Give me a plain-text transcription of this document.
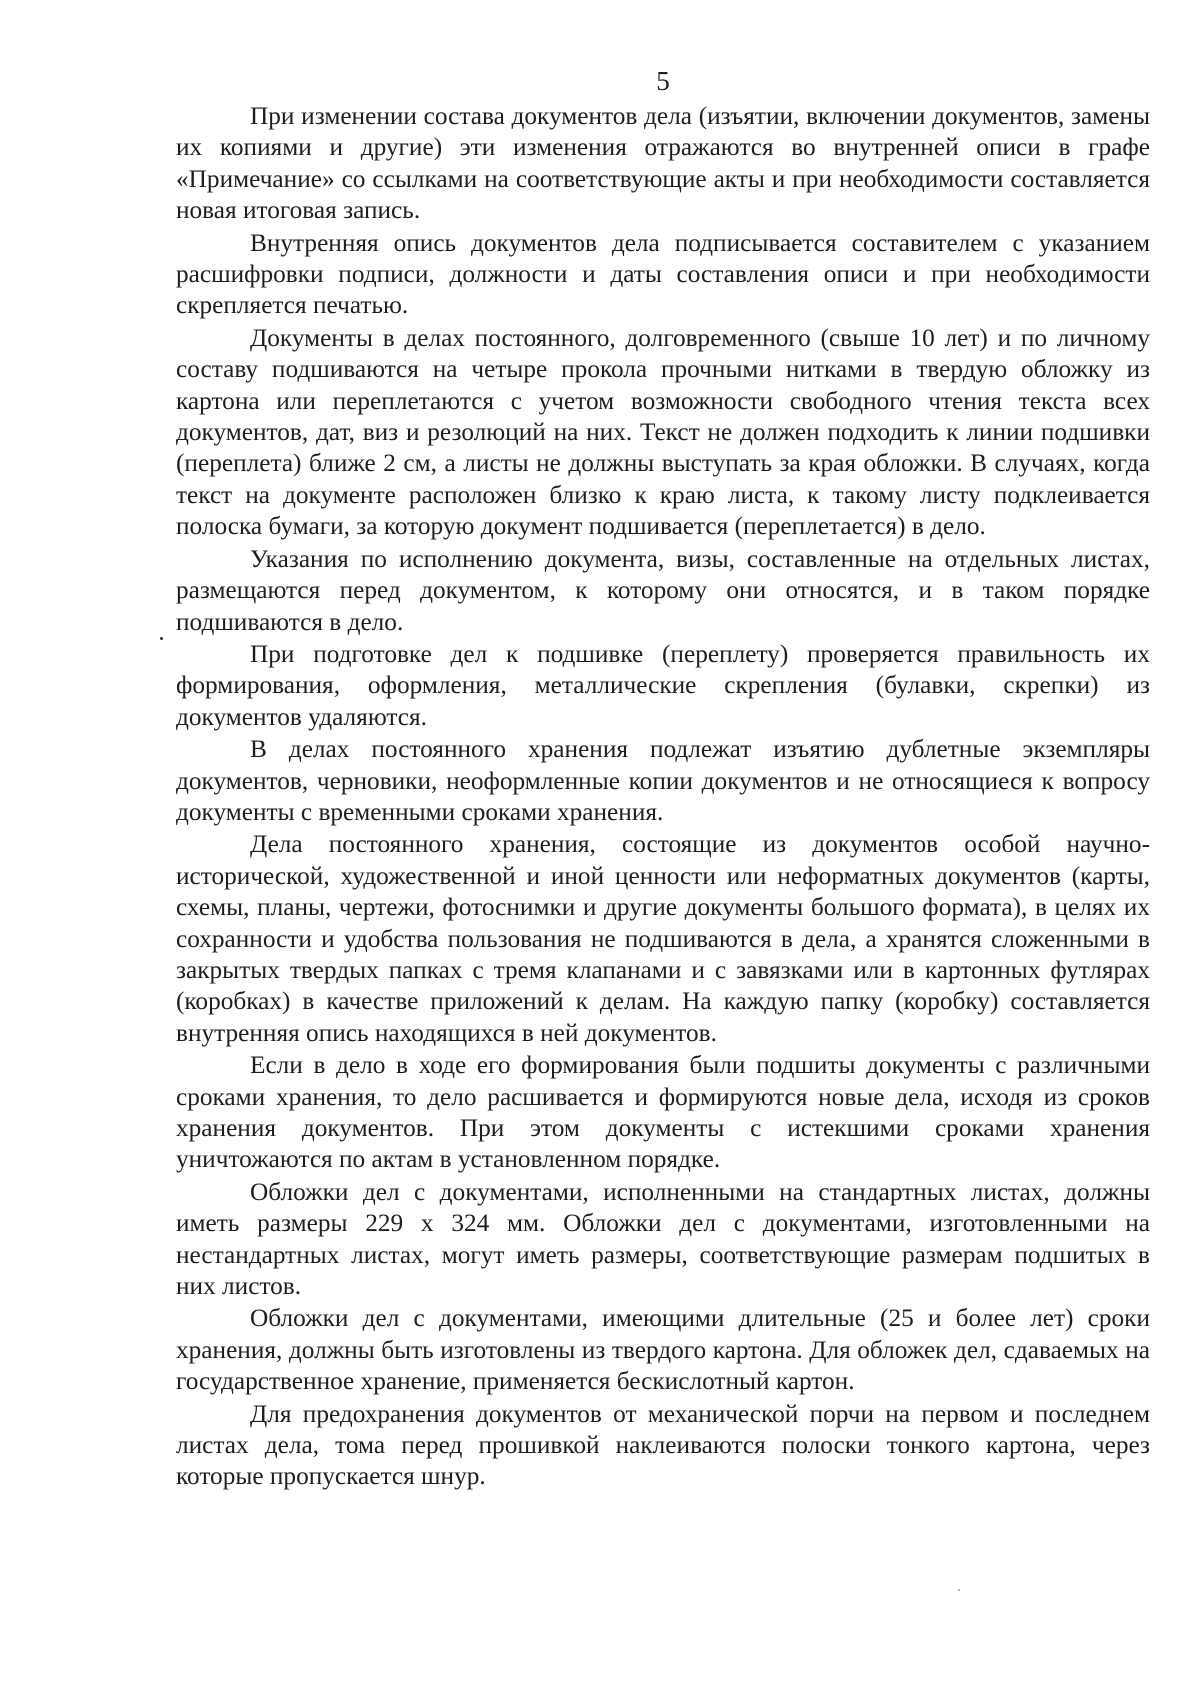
5

При изменении состава документов дела (изъятии, включении документов, замены их копиями и другие) эти изменения отражаются во внутренней описи в графе «Примечание» со ссылками на соответствующие акты и при необходимости составляется новая итоговая запись.

Внутренняя опись документов дела подписывается составителем с указанием расшифровки подписи, должности и даты составления описи и при необходимости скрепляется печатью.

Документы в делах постоянного, долговременного (свыше 10 лет) и по личному составу подшиваются на четыре прокола прочными нитками в твердую обложку из картона или переплетаются с учетом возможности свободного чтения текста всех документов, дат, виз и резолюций на них. Текст не должен подходить к линии подшивки (переплета) ближе 2 см, а листы не должны выступать за края обложки. В случаях, когда текст на документе расположен близко к краю листа, к такому листу подклеивается полоска бумаги, за которую документ подшивается (переплетается) в дело.

Указания по исполнению документа, визы, составленные на отдельных листах, размещаются перед документом, к которому они относятся, и в таком порядке подшиваются в дело.

При подготовке дел к подшивке (переплету) проверяется правильность их формирования, оформления, металлические скрепления (булавки, скрепки) из документов удаляются.

В делах постоянного хранения подлежат изъятию дублетные экземпляры документов, черновики, неоформленные копии документов и не относящиеся к вопросу документы с временными сроками хранения.

Дела постоянного хранения, состоящие из документов особой научно-исторической, художественной и иной ценности или неформатных документов (карты, схемы, планы, чертежи, фотоснимки и другие документы большого формата), в целях их сохранности и удобства пользования не подшиваются в дела, а хранятся сложенными в закрытых твердых папках с тремя клапанами и с завязками или в картонных футлярах (коробках) в качестве приложений к делам. На каждую папку (коробку) составляется внутренняя опись находящихся в ней документов.

Если в дело в ходе его формирования были подшиты документы с различными сроками хранения, то дело расшивается и формируются новые дела, исходя из сроков хранения документов. При этом документы с истекшими сроками хранения уничтожаются по актам в установленном порядке.

Обложки дел с документами, исполненными на стандартных листах, должны иметь размеры 229 x 324 мм. Обложки дел с документами, изготовленными на нестандартных листах, могут иметь размеры, соответствующие размерам подшитых в них листов.

Обложки дел с документами, имеющими длительные (25 и более лет) сроки хранения, должны быть изготовлены из твердого картона. Для обложек дел, сдаваемых на государственное хранение, применяется бескислотный картон.

Для предохранения документов от механической порчи на первом и последнем листах дела, тома перед прошивкой наклеиваются полоски тонкого картона, через которые пропускается шнур.
